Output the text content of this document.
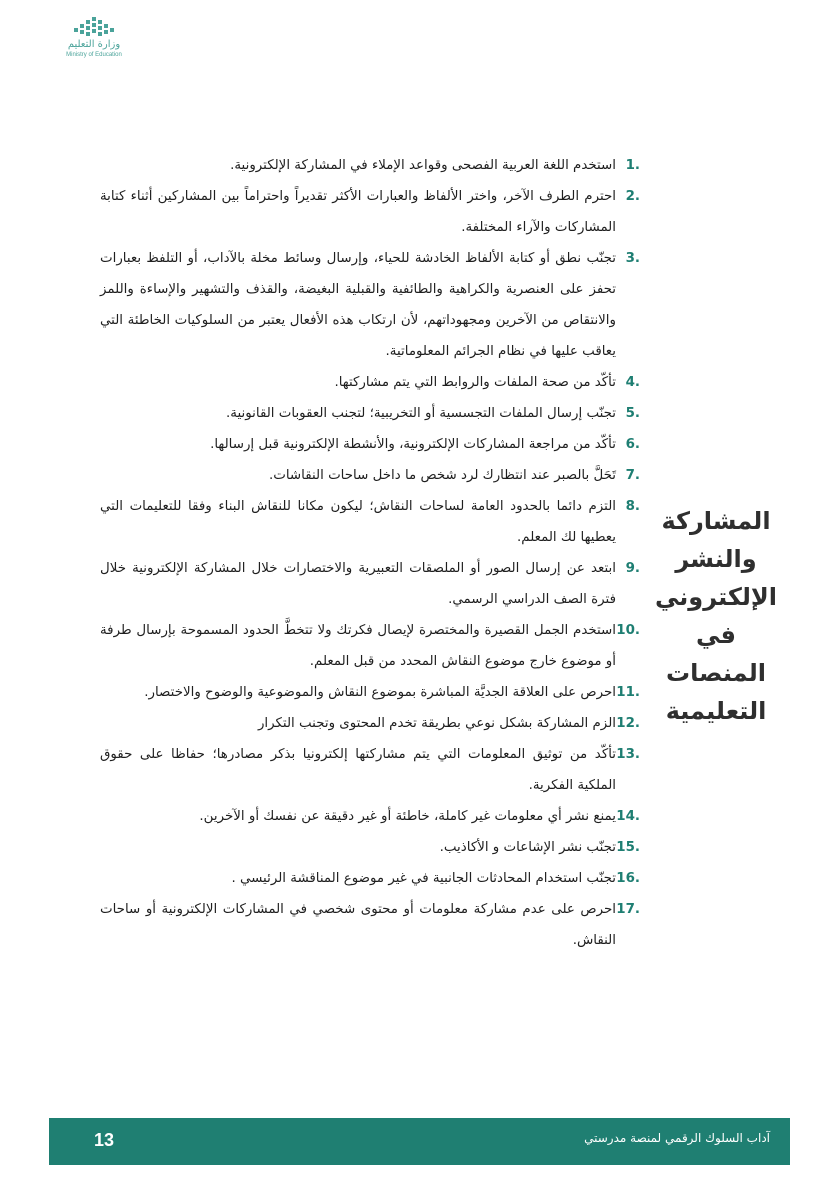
وزارة التعليم
Ministry of Education
المشاركة والنشر الإلكتروني في المنصات التعليمية
1.
استخدم اللغة العربية الفصحى وقواعد الإملاء في المشاركة الإلكترونية.
2.
احترم الطرف الآخر، واختر الألفاظ والعبارات الأكثر تقديراً واحتراماً بين المشاركين أثناء كتابة المشاركات والآراء المختلفة.
3.
تجنّب نطق أو كتابة الألفاظ الخادشة للحياء، وإرسال وسائط مخلة بالآداب، أو التلفظ بعبارات تحفز على العنصرية والكراهية والطائفية والقبلية البغيضة، والقذف والتشهير والإساءة واللمز والانتقاص من الآخرين ومجهوداتهم، لأن ارتكاب هذه الأفعال يعتبر من السلوكيات الخاطئة التي يعاقب عليها في نظام الجرائم المعلوماتية.
4.
تأكّد من صحة الملفات والروابط التي يتم مشاركتها.
5.
تجنّب إرسال الملفات التجسسية أو التخريبية؛ لتجنب العقوبات القانونية.
6.
تأكّد من مراجعة المشاركات الإلكترونية، والأنشطة الإلكترونية قبل إرسالها.
7.
تَحَلَّ بالصبر عند انتظارك لرد شخص ما داخل ساحات النقاشات.
8.
التزم دائما بالحدود العامة لساحات النقاش؛ ليكون مكانا للنقاش البناء وفقا للتعليمات التي يعطيها لك المعلم.
9.
ابتعد عن إرسال الصور أو الملصقات التعبيرية والاختصارات خلال المشاركة الإلكترونية خلال فترة الصف الدراسي الرسمي.
10.
استخدم الجمل القصيرة والمختصرة لإيصال فكرتك ولا تتخطَّ الحدود المسموحة بإرسال طرفة أو موضوع خارج موضوع النقاش المحدد من قبل المعلم.
11.
احرص على العلاقة الجديَّة المباشرة بموضوع النقاش والموضوعية والوضوح والاختصار.
12.
الزم المشاركة بشكل نوعي بطريقة تخدم المحتوى وتجنب التكرار
13.
تأكّد من توثيق المعلومات التي يتم مشاركتها إلكترونيا بذكر مصادرها؛ حفاظا على حقوق الملكية الفكرية.
14.
يمنع نشر أي معلومات غير كاملة، خاطئة أو غير دقيقة عن نفسك أو الآخرين.
15.
تجنّب نشر الإشاعات و الأكاذيب.
16.
تجنّب استخدام المحادثات الجانبية في غير موضوع المناقشة الرئيسي .
17.
احرص على عدم مشاركة معلومات أو محتوى شخصي في المشاركات الإلكترونية أو ساحات النقاش.
آداب السلوك الرقمي لمنصة مدرستي
13
